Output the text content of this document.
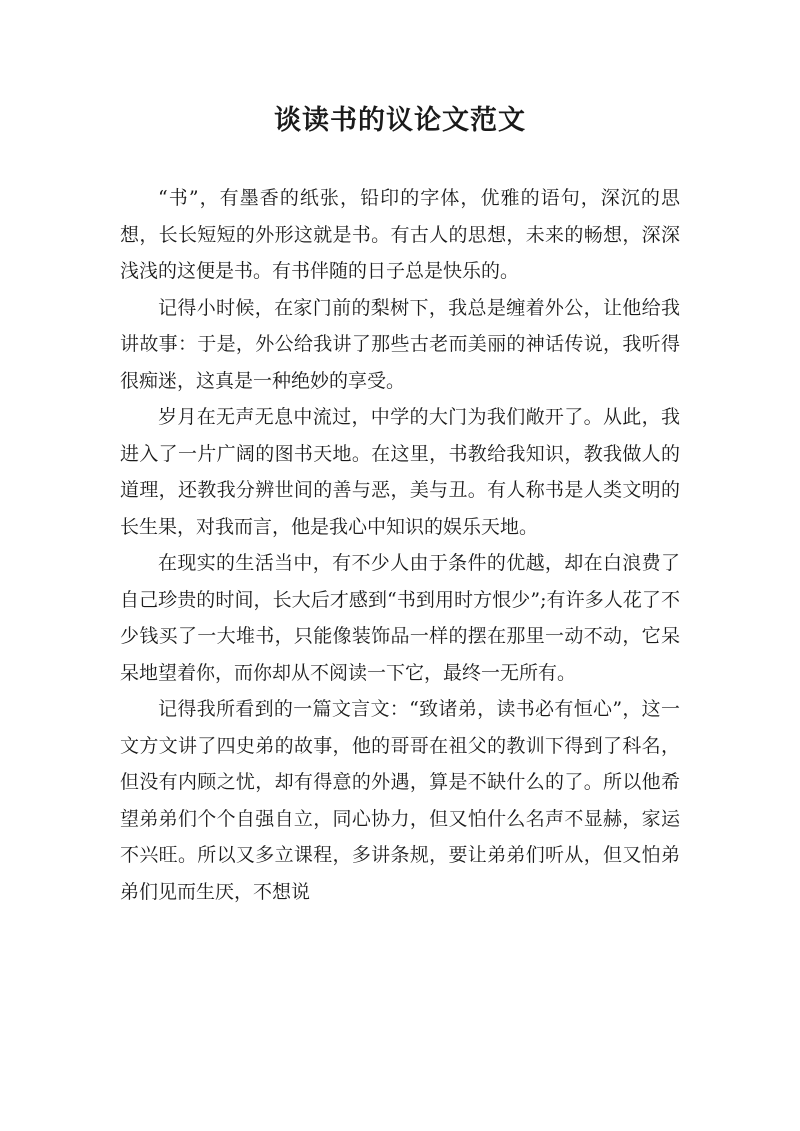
谈读书的议论文范文

“书”，有墨香的纸张，铅印的字体，优雅的语句，深沉的思想，长长短短的外形这就是书。有古人的思想，未来的畅想，深深浅浅的这便是书。有书伴随的日子总是快乐的。

记得小时候，在家门前的梨树下，我总是缠着外公，让他给我讲故事：于是，外公给我讲了那些古老而美丽的神话传说，我听得很痴迷，这真是一种绝妙的享受。

岁月在无声无息中流过，中学的大门为我们敞开了。从此，我进入了一片广阔的图书天地。在这里，书教给我知识，教我做人的道理，还教我分辨世间的善与恶，美与丑。有人称书是人类文明的长生果，对我而言，他是我心中知识的娱乐天地。

在现实的生活当中，有不少人由于条件的优越，却在白浪费了自己珍贵的时间，长大后才感到“书到用时方恨少”;有许多人花了不少钱买了一大堆书，只能像装饰品一样的摆在那里一动不动，它呆呆地望着你，而你却从不阅读一下它，最终一无所有。

记得我所看到的一篇文言文：“致诸弟，读书必有恒心”，这一文方文讲了四史弟的故事，他的哥哥在祖父的教训下得到了科名，但没有内顾之忧，却有得意的外遇，算是不缺什么的了。所以他希望弟弟们个个自强自立，同心协力，但又怕什么名声不显赫，家运不兴旺。所以又多立课程，多讲条规，要让弟弟们听从，但又怕弟弟们见而生厌，不想说
